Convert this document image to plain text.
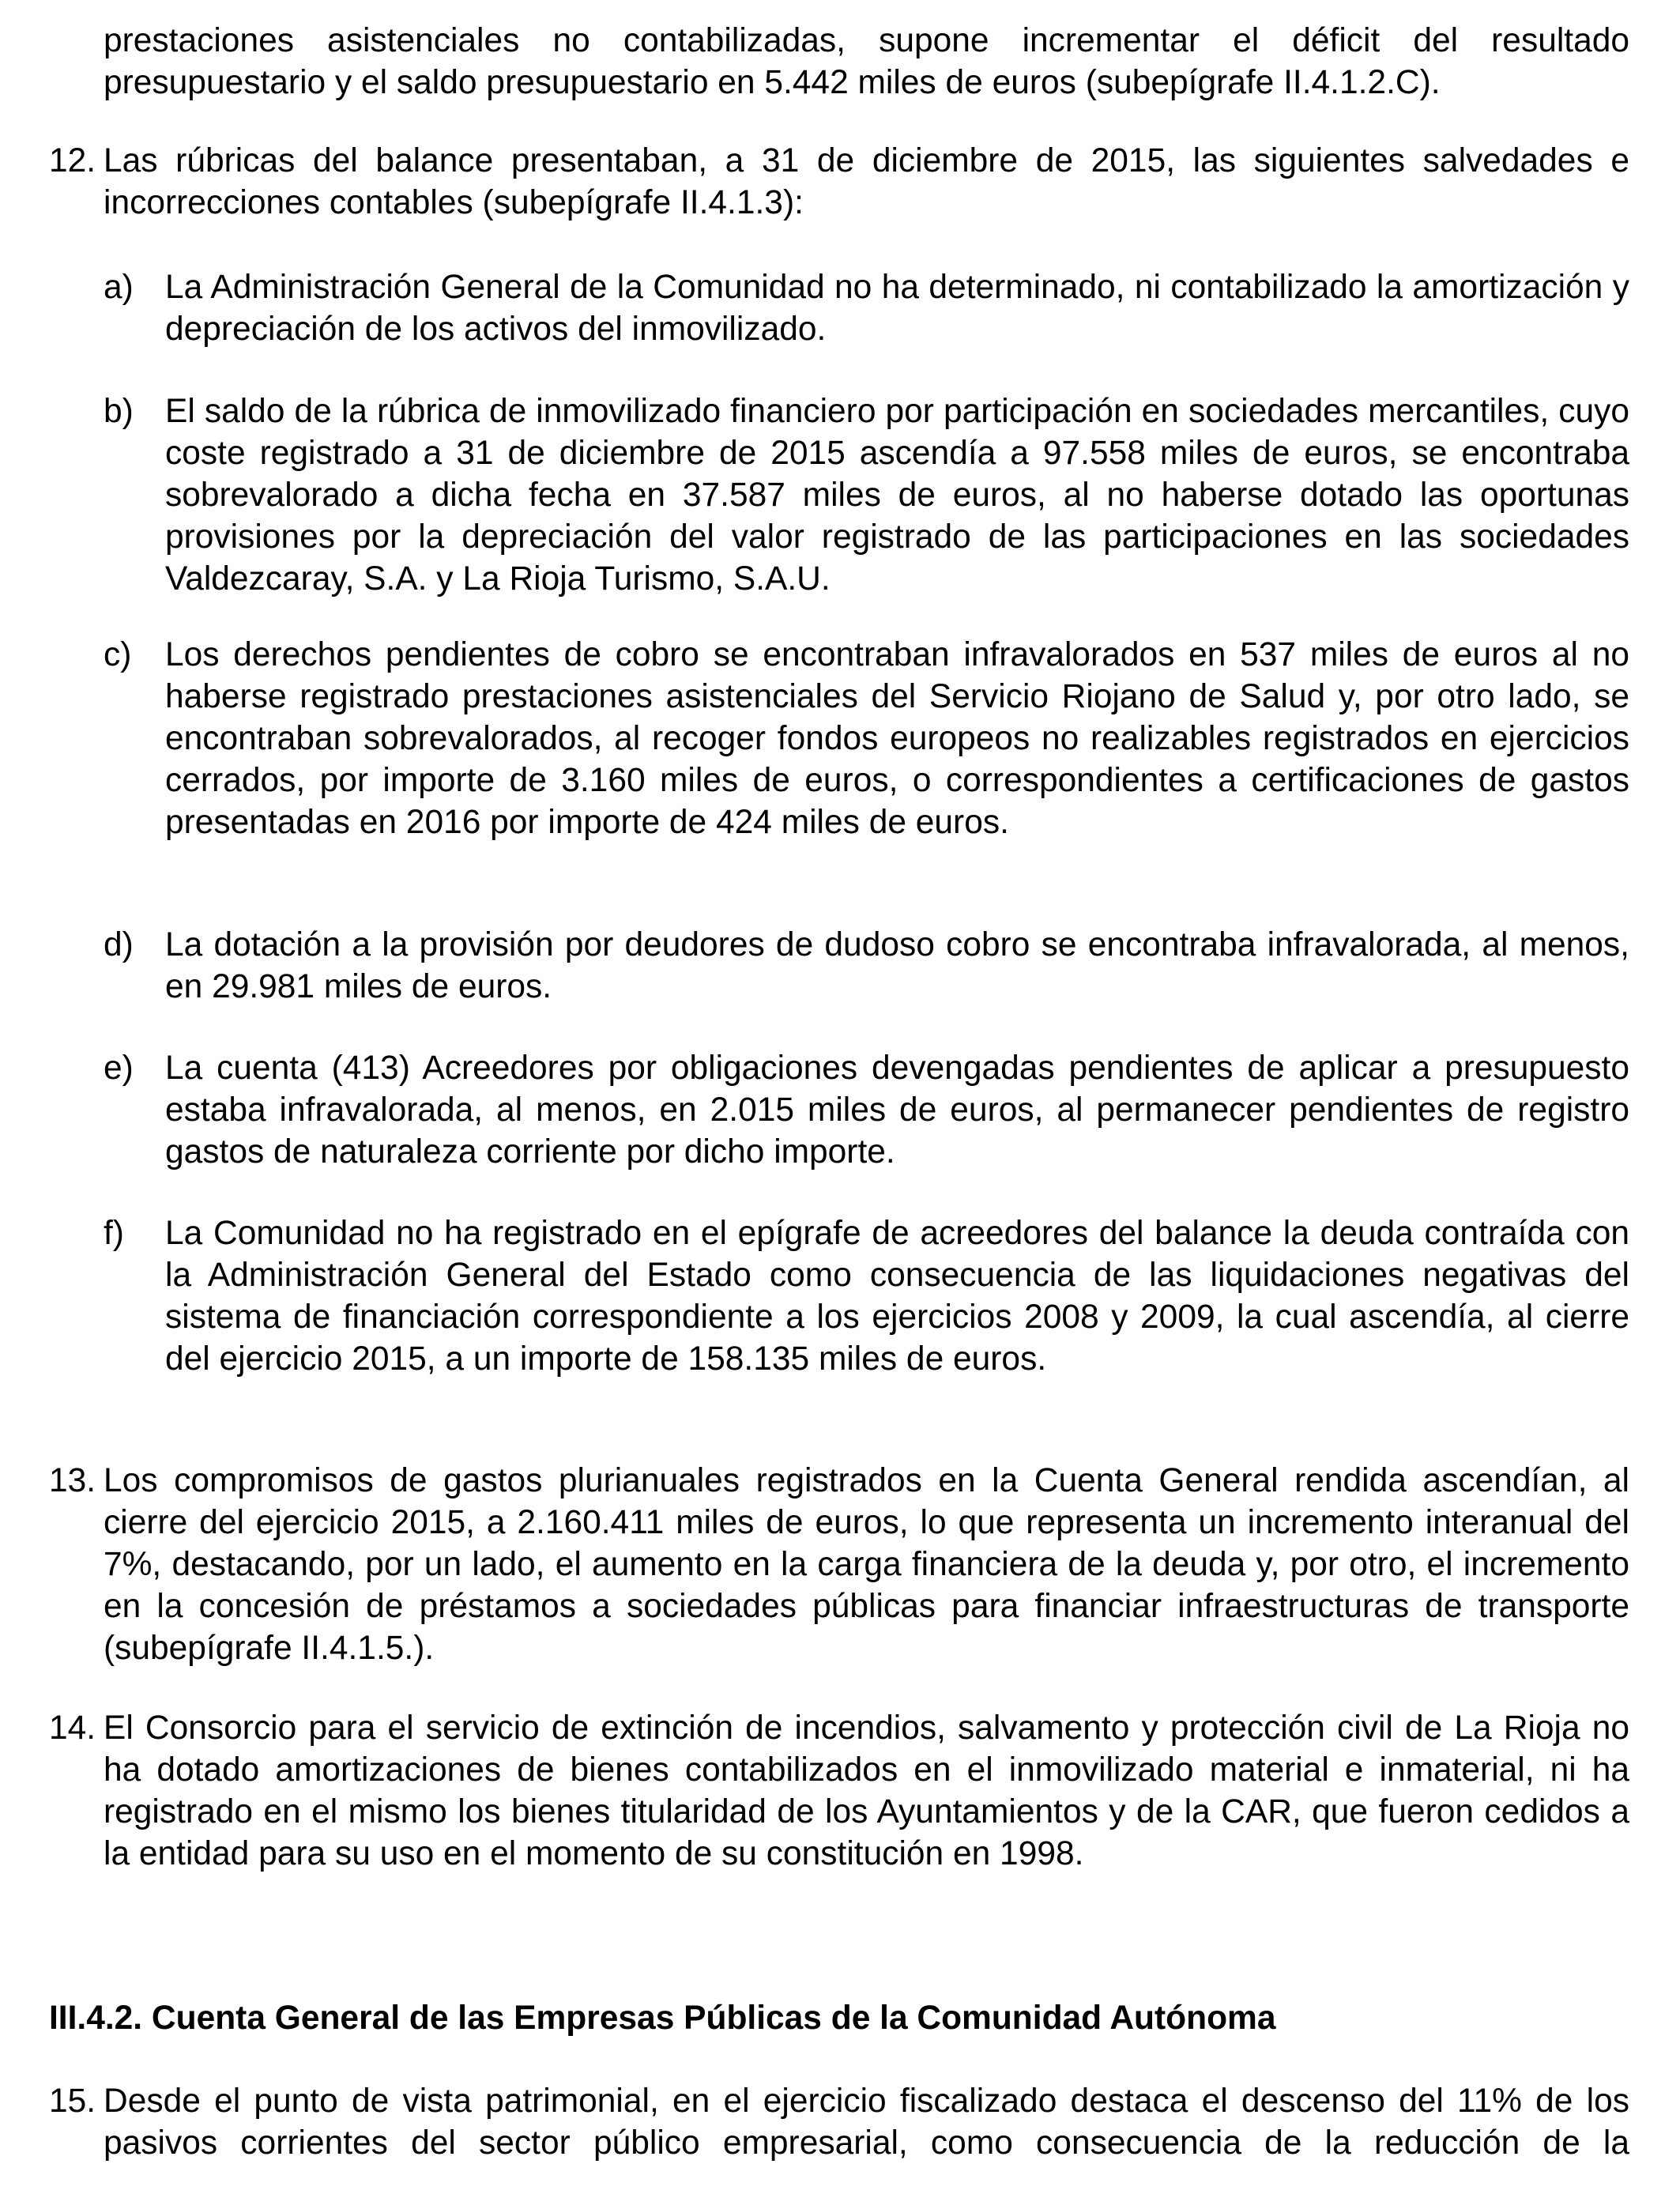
prestaciones asistenciales no contabilizadas, supone incrementar el déficit del resultado presupuestario y el saldo presupuestario en 5.442 miles de euros (subepígrafe II.4.1.2.C).

12. Las rúbricas del balance presentaban, a 31 de diciembre de 2015, las siguientes salvedades e incorrecciones contables (subepígrafe II.4.1.3):

a) La Administración General de la Comunidad no ha determinado, ni contabilizado la amortización y depreciación de los activos del inmovilizado.

b) El saldo de la rúbrica de inmovilizado financiero por participación en sociedades mercantiles, cuyo coste registrado a 31 de diciembre de 2015 ascendía a 97.558 miles de euros, se encontraba sobrevalorado a dicha fecha en 37.587 miles de euros, al no haberse dotado las oportunas provisiones por la depreciación del valor registrado de las participaciones en las sociedades Valdezcaray, S.A. y La Rioja Turismo, S.A.U.

c) Los derechos pendientes de cobro se encontraban infravalorados en 537 miles de euros al no haberse registrado prestaciones asistenciales del Servicio Riojano de Salud y, por otro lado, se encontraban sobrevalorados, al recoger fondos europeos no realizables registrados en ejercicios cerrados, por importe de 3.160 miles de euros, o correspondientes a certificaciones de gastos presentadas en 2016 por importe de 424 miles de euros.

d) La dotación a la provisión por deudores de dudoso cobro se encontraba infravalorada, al menos, en 29.981 miles de euros.

e) La cuenta (413) Acreedores por obligaciones devengadas pendientes de aplicar a presupuesto estaba infravalorada, al menos, en 2.015 miles de euros, al permanecer pendientes de registro gastos de naturaleza corriente por dicho importe.

f) La Comunidad no ha registrado en el epígrafe de acreedores del balance la deuda contraída con la Administración General del Estado como consecuencia de las liquidaciones negativas del sistema de financiación correspondiente a los ejercicios 2008 y 2009, la cual ascendía, al cierre del ejercicio 2015, a un importe de 158.135 miles de euros.

13. Los compromisos de gastos plurianuales registrados en la Cuenta General rendida ascendían, al cierre del ejercicio 2015, a 2.160.411 miles de euros, lo que representa un incremento interanual del 7%, destacando, por un lado, el aumento en la carga financiera de la deuda y, por otro, el incremento en la concesión de préstamos a sociedades públicas para financiar infraestructuras de transporte (subepígrafe II.4.1.5.).

14. El Consorcio para el servicio de extinción de incendios, salvamento y protección civil de La Rioja no ha dotado amortizaciones de bienes contabilizados en el inmovilizado material e inmaterial, ni ha registrado en el mismo los bienes titularidad de los Ayuntamientos y de la CAR, que fueron cedidos a la entidad para su uso en el momento de su constitución en 1998.

III.4.2. Cuenta General de las Empresas Públicas de la Comunidad Autónoma
15. Desde el punto de vista patrimonial, en el ejercicio fiscalizado destaca el descenso del 11% de los pasivos corrientes del sector público empresarial, como consecuencia de la reducción de la
